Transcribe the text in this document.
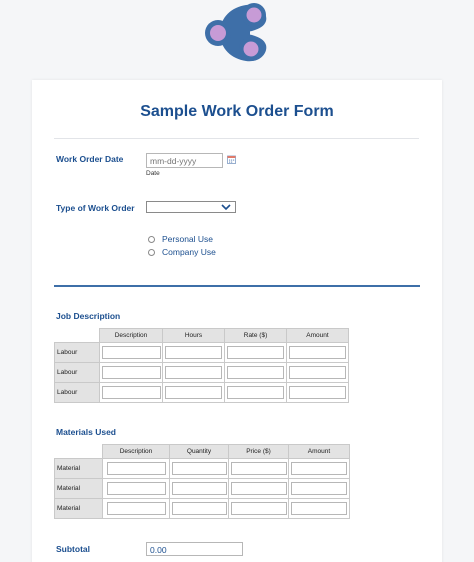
Sample Work Order Form
Work Order Date
mm-dd-yyyy
Date
Type of Work Order
Personal Use
Company Use
Job Description
	Description	Hours	Rate ($)	Amount
Labour				
Labour				
Labour				
Materials Used
	Description	Quantity	Price ($)	Amount
Material				
Material				
Material				
Subtotal	0.00
